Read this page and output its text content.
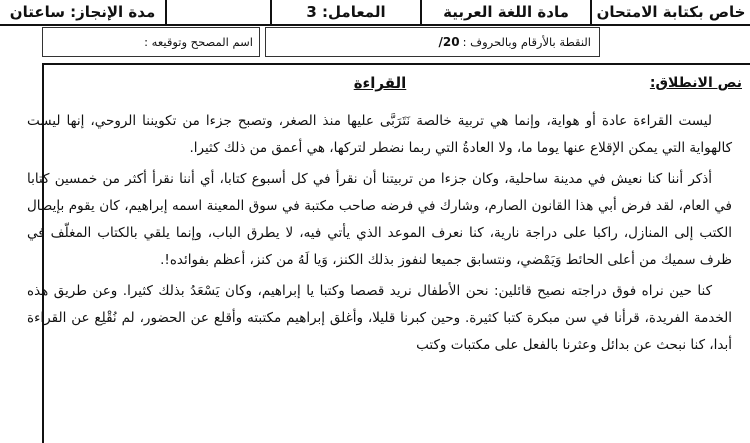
خاص بكتابة الامتحان
مادة اللغة العربية
المعامل: 3
مدة الإنجاز: ساعتان
النقطة بالأرقام وبالحروف :
20/
اسم المصحح وتوقيعه :
نص الانطلاق:
القراءة

ليست القراءة عادة أو هواية، وإنما هي تربية خالصة نَتَرَبَّى عليها منذ الصغر، وتصبح جزءا من تكويننا الروحي، إنها ليست كالهواية التي يمكن الإقلاع عنها يوما ما، ولا العادةُ التي ربما نضطر لتركها، هي أعمق من ذلك كثيرا.

أذكر أننا كنا نعيش في مدينة ساحلية، وكان جزءا من تربيتنا أن نقرأ في كل أسبوع كتابا، أي أننا نقرأ أكثر من خمسين كتابا في العام، لقد فرض أبي هذا القانون الصارم، وشارك في فرضه صاحب مكتبة في سوق المعينة اسمه إبراهيم، كان يقوم بإيصال الكتب إلى المنازل، راكبا على دراجة نارية، كنا نعرف الموعد الذي يأتي فيه، لا يطرق الباب، وإنما يلقي بالكتاب المغلّف في ظرف سميك من أعلى الحائط وَيَمْضي، ونتسابق جميعا لنفوز بذلك الكنز، وَيا لَهُ من كنز، أعظم بفوائده!.

كنا حين نراه فوق دراجته نصيح قائلين: نحن الأطفال نريد قصصا وكتبا يا إبراهيم، وكان يَسْعَدُ بذلك كثيرا. وعن طريق هذه الخدمة الفريدة، قرأنا في سن مبكرة كتبا كثيرة. وحين كبرنا قليلا، وأغلق إبراهيم مكتبته وأقلع عن الحضور، لم نُقْلِع عن القراءة أبدا، كنا نبحث عن بدائل وعثرنا بالفعل على مكتبات وكتب
